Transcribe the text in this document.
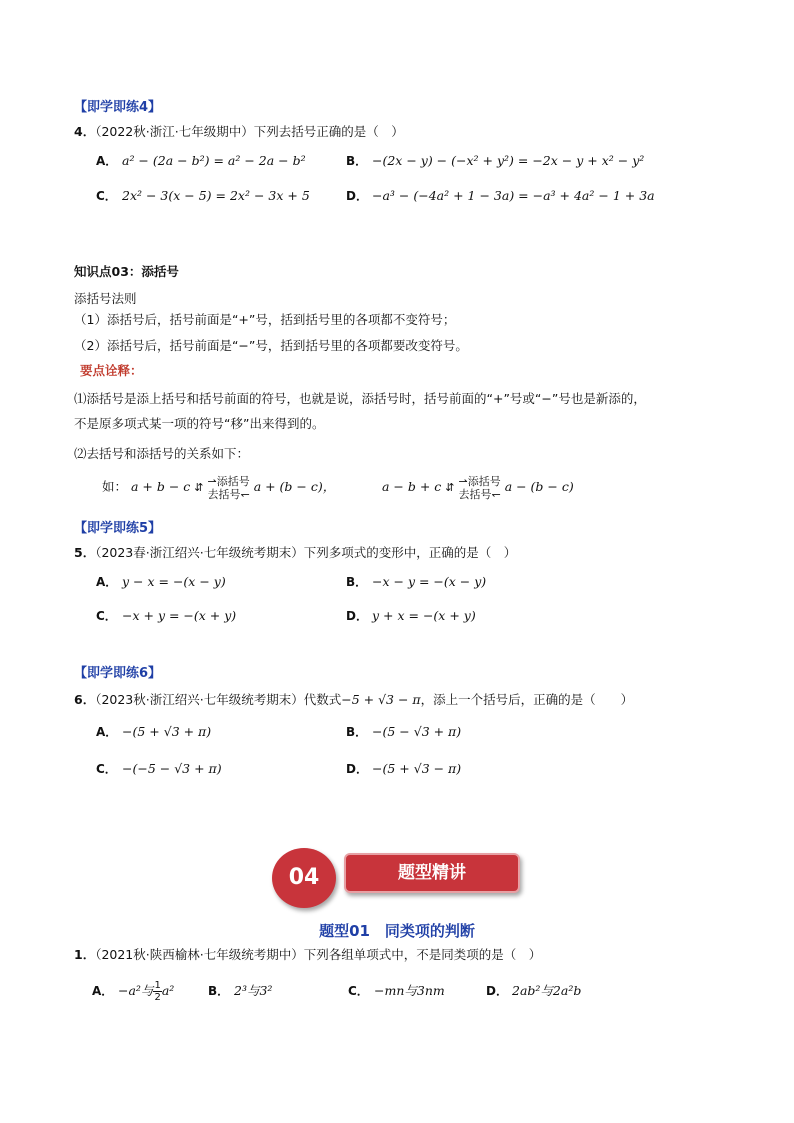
【即学即练4】
4．（2022秋·浙江·七年级期中）下列去括号正确的是（　）
A． a² − (2a − b²) = a² − 2a − b²	B． −(2x − y) − (−x² + y²) = −2x − y + x² − y²
C． 2x² − 3(x − 5) = 2x² − 3x + 5	D． −a³ − (−4a² + 1 − 3a) = −a³ + 4a² − 1 + 3a
知识点03：添括号
添括号法则
（1）添括号后，括号前面是“+”号，括到括号里的各项都不变符号；
（2）添括号后，括号前面是“−”号，括到括号里的各项都要改变符号。
要点诠释：
⑴添括号是添上括号和括号前面的符号，也就是说，添括号时，括号前面的“+”号或“−”号也是新添的，
不是原多项式某一项的符号“移”出来得到的。
⑵去括号和添括号的关系如下：
如： a + b − c ⇵ ⇀添括号
去括号↽ a + (b − c)，	a − b + c ⇵ ⇀添括号
去括号↽ a − (b − c)
【即学即练5】
5．（2023春·浙江绍兴·七年级统考期末）下列多项式的变形中，正确的是（　）
A． y − x = −(x − y)	B． −x − y = −(x − y)
C． −x + y = −(x + y)	D． y + x = −(x + y)
【即学即练6】
6．（2023秋·浙江绍兴·七年级统考期末）代数式−5 + √3 − π，添上一个括号后，正确的是（　　）
A． −(5 + √3 + π)	B． −(5 − √3 + π)
C． −(−5 − √3 + π)	D． −(5 + √3 − π)
题型精讲
04
题型01　同类项的判断
1．（2021秋·陕西榆林·七年级统考期中）下列各组单项式中，不是同类项的是（　）
A． −a²与 $\frac{1}{2} a^2$	B． 2³与3²	C． −mn与3nm	D． 2ab²与2a²b
